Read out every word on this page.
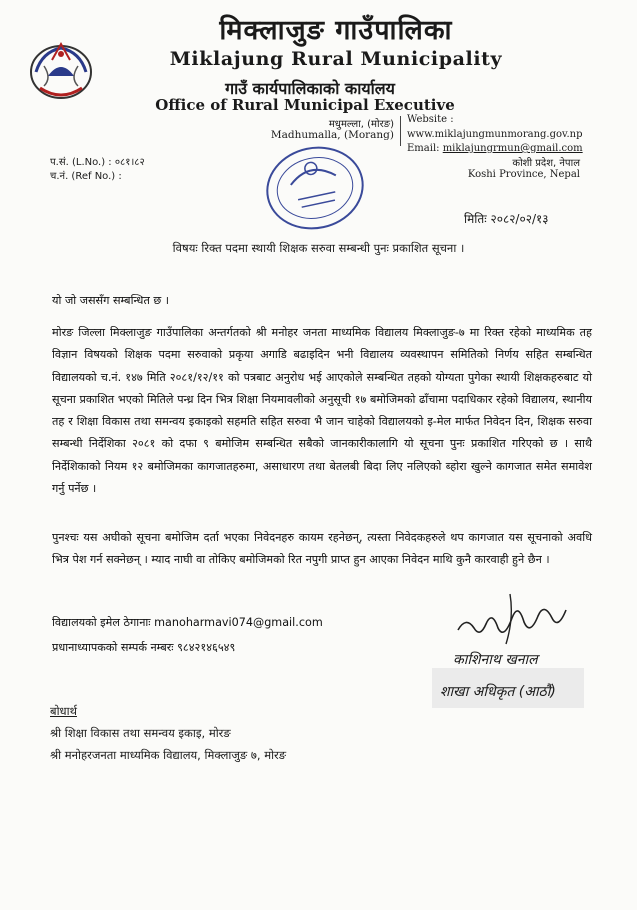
मिक्लाजुङ गाउँपालिका
Miklajung Rural Municipality
गाउँ कार्यपालिकाको कार्यालय
Office of Rural Municipal Executive
मधुमल्ला, (मोरङ)
Madhumalla, (Morang)
Website :
www.miklajungmunmorang.gov.np
Email: miklajungrmun@gmail.com
कोशी प्रदेश, नेपाल
Koshi Province, Nepal
प.सं. (L.No.) : ०८१।८२
च.नं. (Ref No.) :
मितिः २०८२/०२/१३
विषयः रिक्त पदमा स्थायी शिक्षक सरुवा सम्बन्धी पुनः प्रकाशित सूचना ।
यो जो जससँग सम्बन्धित छ ।
मोरङ जिल्ला मिक्लाजुङ गाउँपालिका अन्तर्गतको श्री मनोहर जनता माध्यमिक विद्यालय मिक्लाजुङ-७ मा रिक्त रहेको माध्यमिक तह विज्ञान विषयको शिक्षक पदमा सरुवाको प्रकृया अगाडि बढाइदिन भनी विद्यालय व्यवस्थापन समितिको निर्णय सहित सम्बन्धित विद्यालयको च.नं. १४७ मिति २०८१/१२/११ को पत्रबाट अनुरोध भई आएकोले सम्बन्धित तहको योग्यता पुगेका स्थायी शिक्षकहरुबाट यो सूचना प्रकाशित भएको मितिले पन्ध्र दिन भित्र शिक्षा नियमावलीको अनुसूची १७ बमोजिमको ढाँचामा पदाधिकार रहेको विद्यालय, स्थानीय तह र शिक्षा विकास तथा समन्वय इकाइको सहमति सहित सरुवा भै जान चाहेको विद्यालयको इ-मेल मार्फत निवेदन दिन, शिक्षक सरुवा सम्बन्धी निर्देशिका २०८१ को दफा ९ बमोजिम सम्बन्धित सबैको जानकारीकालागि यो सूचना पुनः प्रकाशित गरिएको छ । साथै निर्देशिकाको नियम १२ बमोजिमका कागजातहरुमा, असाधारण तथा बेतलबी बिदा लिए नलिएको ब्होरा खुल्ने कागजात समेत समावेश गर्नु पर्नेछ ।
पुनश्चः यस अघीको सूचना बमोजिम दर्ता भएका निवेदनहरु कायम रहनेछन्, त्यस्ता निवेदकहरुले थप कागजात यस सूचनाको अवधि भित्र पेश गर्न सक्नेछन् । म्याद नाघी वा तोकिए बमोजिमको रित नपुगी प्राप्त हुन आएका निवेदन माथि कुनै कारवाही हुने छैन ।
विद्यालयको इमेल ठेगानाः manoharmavi074@gmail.com
प्रधानाध्यापकको सम्पर्क नम्बरः ९८४२१४६५४९
काशिनाथ खनाल
शाखा अधिकृत (आठौं)
बोधार्थ
श्री शिक्षा विकास तथा समन्वय इकाइ, मोरङ
श्री मनोहरजनता माध्यमिक विद्यालय, मिक्लाजुङ ७, मोरङ
